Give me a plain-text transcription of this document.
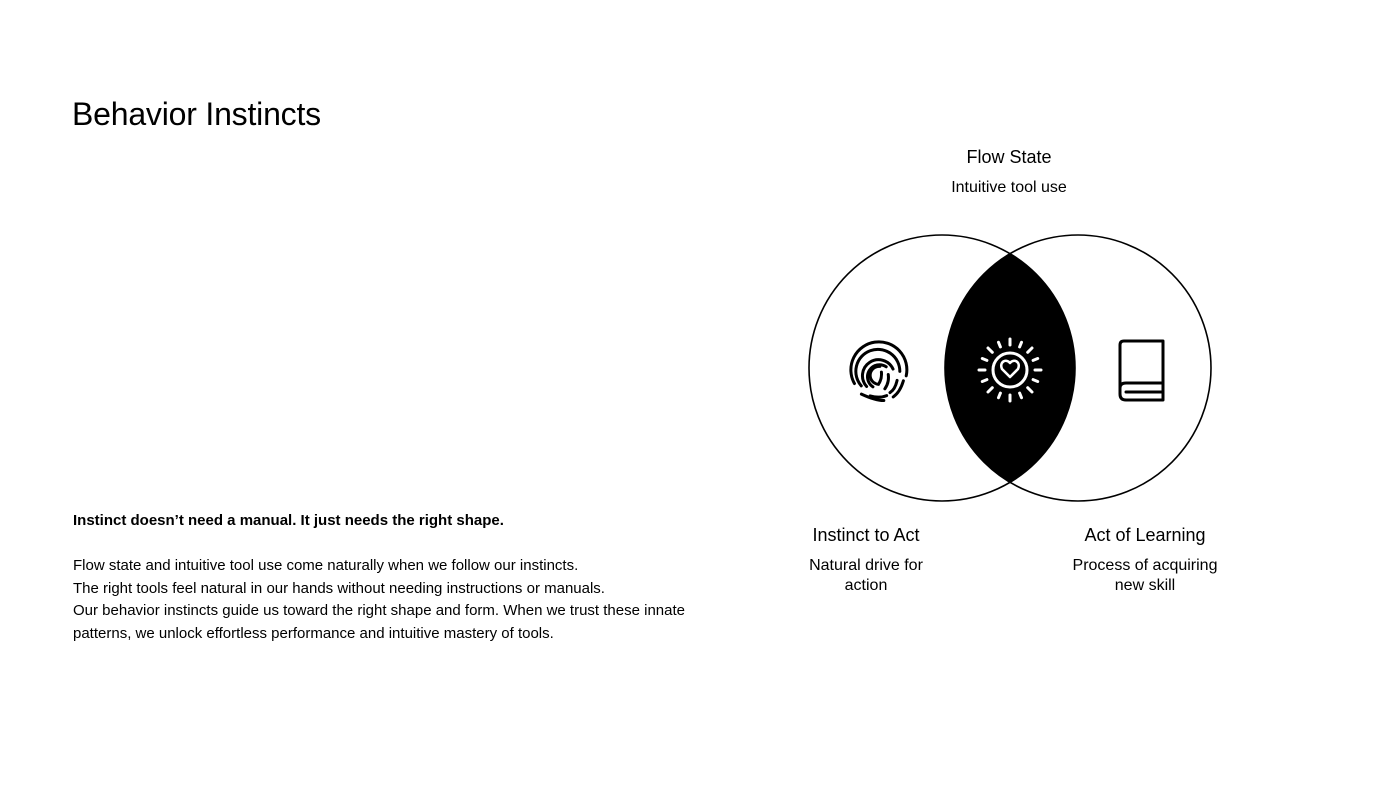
Behavior Instincts

Instinct doesn’t need a manual. It just needs the right shape.

Flow state and intuitive tool use come naturally when we follow our instincts.
The right tools feel natural in our hands without needing instructions or manuals.
Our behavior instincts guide us toward the right shape and form. When we trust these innate
patterns, we unlock effortless performance and intuitive mastery of tools.
Flow State
Intuitive tool use
Instinct to Act
Natural drive for
action
Act of Learning
Process of acquiring
new skill
